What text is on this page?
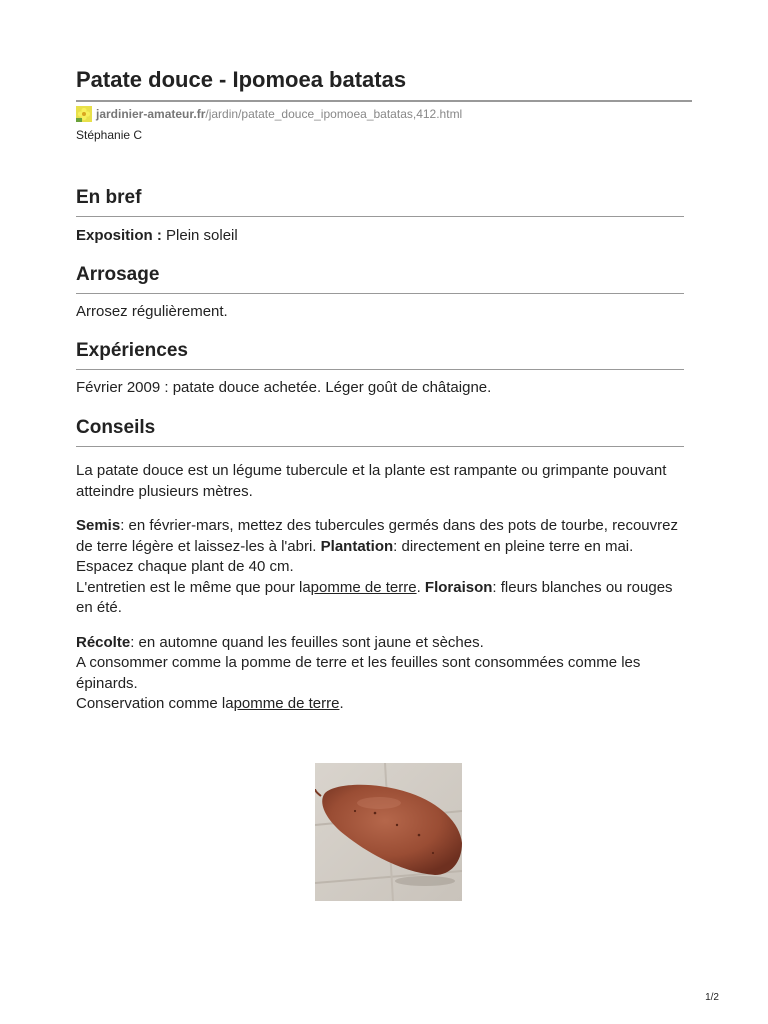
Patate douce - Ipomoea batatas
jardinier-amateur.fr /jardin/patate_douce_ipomoea_batatas,412.html
Stéphanie C
En bref

Exposition : Plein soleil

Arrosage

Arrosez régulièrement.

Expériences

Février 2009 : patate douce achetée. Léger goût de châtaigne.

Conseils

La patate douce est un légume tubercule et la plante est rampante ou grimpante pouvant atteindre plusieurs mètres.

Semis: en février-mars, mettez des tubercules germés dans des pots de tourbe, recouvrez de terre légère et laissez-les à l'abri. Plantation: directement en pleine terre en mai.
Espacez chaque plant de 40 cm.
L'entretien est le même que pour lapomme de terre. Floraison: fleurs blanches ou rouges en été.

Récolte: en automne quand les feuilles sont jaune et sèches.
A consommer comme la pomme de terre et les feuilles sont consommées comme les épinards.
Conservation comme lapomme de terre.

1/2
